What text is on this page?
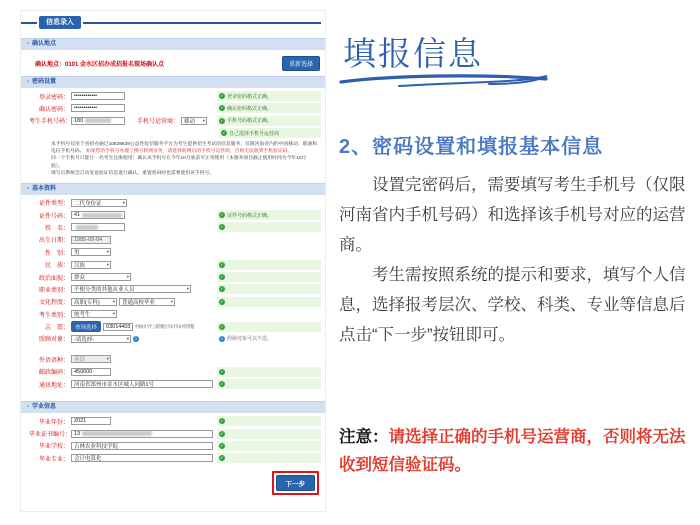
信息录入
- 确认地点
确认地点：0101 金水区招办成招报名现场确认点	重新选择
- 密码设置
登录密码： ••••••••••••	✓ 登录密码格式正确。
确认密码： ••••••••••••	✓ 确认密码格式正确。
考生手机号码： 180	手机号运营商： 移动 ▾	✓ 手机号码格式正确。
✓ 自己选择手机号运营商
本手机号仅用于省招办通过10639639公益性短信服务平台为考生提供招生考试的信息服务，仅限河南省内的中国移动、联通和电信手机号码。 如果您的手机号办理了携号转网业务，请选择转网后的手机号运营商，否则无法收到手机验证码。
同一个手机号只能让一名考生注册使用！确认该手机号在今年10月底前可正常使用（本服务项目截止使用时间为今年10月底）。
填写后系统会自动发送验证信息进行确认，重置密码时也需要使用该手机号。
- 基本资料
证件类型： 二代身份证	▾
证件号码： 41	✓ 证件号码格式正确。
姓　名：	✓
出生日期： 1985-09-04
性　别： 男	▾
民　族： 汉族	▾	✓
政治面貌： 群众	▾	✓
职业类别： 不便分类的其他从业人员	▾	✓
文化程度： 高职(专科)	▾ 普通高校毕业	▾	✓
考生类别： 统考生	▾
志　愿：	查询选择	03014403	中国农业大学 工商管理(专升本专升本-经济管理)	✓
照顾对象： -请选择-	▾	i	i 照顾对象可以不选。
外语语种： 英语	▾
邮政编码： 450000	✓
通讯地址： 河南省郑州市金水区城人同路1号	✓
- 学业信息
毕业年份： 2021	✓
毕业证书编号： 13	✓
毕业学校： 吉林农业科技学院	✓
毕业专业： 会计电算化	✓
下一步
填报信息
2、密码设置和填报基本信息

设置完密码后，需要填写考生手机号（仅限河南省内手机号码）和选择该手机号对应的运营商。

考生需按照系统的提示和要求，填写个人信息，选择报考层次、学校、科类、专业等信息后点击“下一步”按钮即可。

注意：请选择正确的手机号运营商，否则将无法收到短信验证码。
